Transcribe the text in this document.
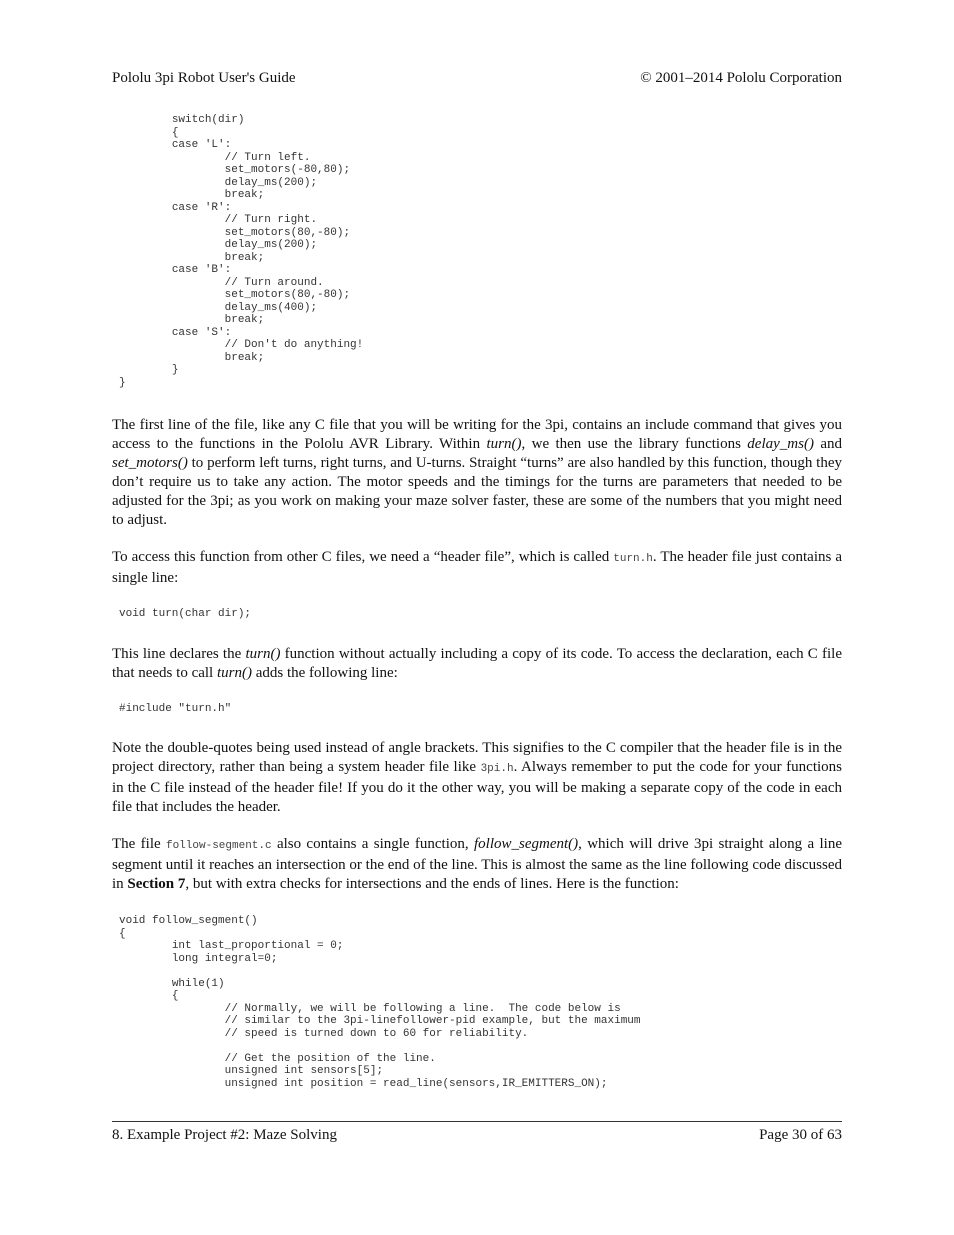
Pololu 3pi Robot User's Guide	© 2001–2014 Pololu Corporation
	switch(dir)
	{
	case 'L':
		// Turn left.
		set_motors(-80,80);
		delay_ms(200);
		break;
	case 'R':
		// Turn right.
		set_motors(80,-80);
		delay_ms(200);
		break;
	case 'B':
		// Turn around.
		set_motors(80,-80);
		delay_ms(400);
		break;
	case 'S':
		// Don't do anything!
		break;
	}
}

The first line of the file, like any C file that you will be writing for the 3pi, contains an include command that gives you access to the functions in the Pololu AVR Library. Within turn(), we then use the library functions delay_ms() and set_motors() to perform left turns, right turns, and U-turns. Straight “turns” are also handled by this function, though they don’t require us to take any action. The motor speeds and the timings for the turns are parameters that needed to be adjusted for the 3pi; as you work on making your maze solver faster, these are some of the numbers that you might need to adjust.

To access this function from other C files, we need a “header file”, which is called turn.h. The header file just contains a single line:

void turn(char dir);

This line declares the turn() function without actually including a copy of its code. To access the declaration, each C file that needs to call turn() adds the following line:

#include "turn.h"

Note the double-quotes being used instead of angle brackets. This signifies to the C compiler that the header file is in the project directory, rather than being a system header file like 3pi.h. Always remember to put the code for your functions in the C file instead of the header file! If you do it the other way, you will be making a separate copy of the code in each file that includes the header.

The file follow-segment.c also contains a single function, follow_segment(), which will drive 3pi straight along a line segment until it reaches an intersection or the end of the line. This is almost the same as the line following code discussed in Section 7, but with extra checks for intersections and the ends of lines. Here is the function:

void follow_segment()
{
	int last_proportional = 0;
	long integral=0;

	while(1)
	{
		// Normally, we will be following a line.  The code below is
		// similar to the 3pi-linefollower-pid example, but the maximum
		// speed is turned down to 60 for reliability.

		// Get the position of the line.
		unsigned int sensors[5];
		unsigned int position = read_line(sensors,IR_EMITTERS_ON);
8. Example Project #2: Maze Solving	Page 30 of 63
